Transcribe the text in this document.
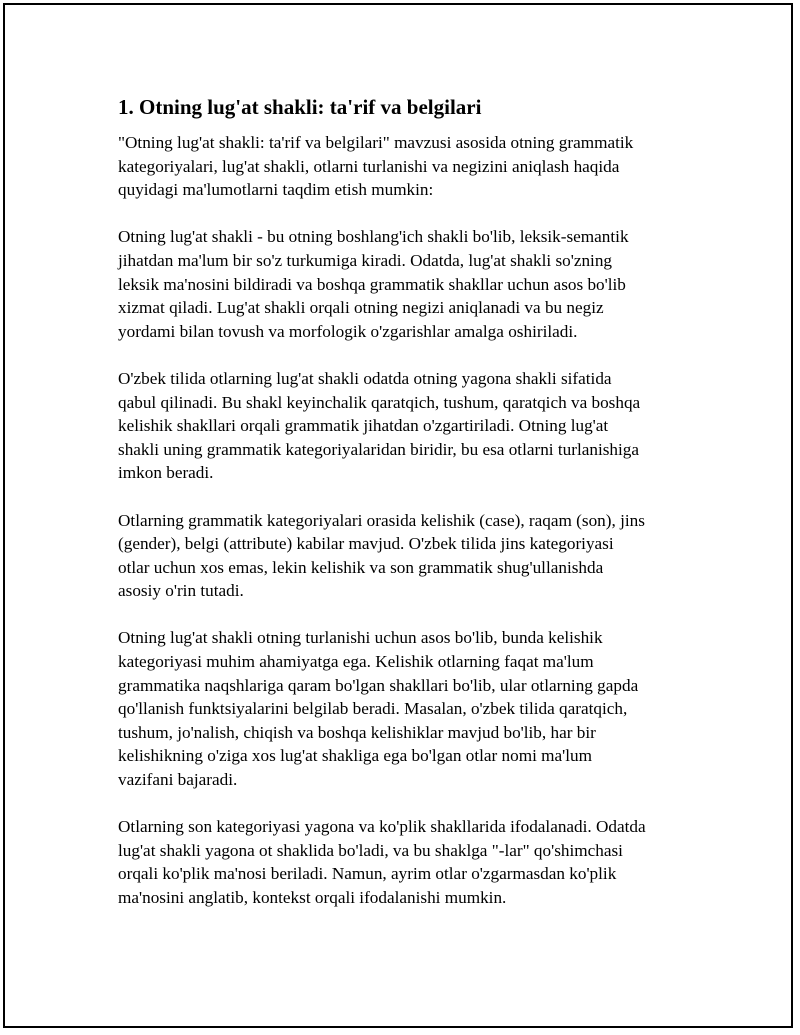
1. Otning lug'at shakli: ta'rif va belgilari
"Otning lug'at shakli: ta'rif va belgilari" mavzusi asosida otning grammatik
kategoriyalari, lug'at shakli, otlarni turlanishi va negizini aniqlash haqida
quyidagi ma'lumotlarni taqdim etish mumkin:
Otning lug'at shakli - bu otning boshlang'ich shakli bo'lib, leksik-semantik
jihatdan ma'lum bir so'z turkumiga kiradi. Odatda, lug'at shakli so'zning
leksik ma'nosini bildiradi va boshqa grammatik shakllar uchun asos bo'lib
xizmat qiladi. Lug'at shakli orqali otning negizi aniqlanadi va bu negiz
yordami bilan tovush va morfologik o'zgarishlar amalga oshiriladi.
O'zbek tilida otlarning lug'at shakli odatda otning yagona shakli sifatida
qabul qilinadi. Bu shakl keyinchalik qaratqich, tushum, qaratqich va boshqa
kelishik shakllari orqali grammatik jihatdan o'zgartiriladi. Otning lug'at
shakli uning grammatik kategoriyalaridan biridir, bu esa otlarni turlanishiga
imkon beradi.
Otlarning grammatik kategoriyalari orasida kelishik (case), raqam (son), jins
(gender), belgi (attribute) kabilar mavjud. O'zbek tilida jins kategoriyasi
otlar uchun xos emas, lekin kelishik va son grammatik shug'ullanishda
asosiy o'rin tutadi.
Otning lug'at shakli otning turlanishi uchun asos bo'lib, bunda kelishik
kategoriyasi muhim ahamiyatga ega. Kelishik otlarning faqat ma'lum
grammatika naqshlariga qaram bo'lgan shakllari bo'lib, ular otlarning gapda
qo'llanish funktsiyalarini belgilab beradi. Masalan, o'zbek tilida qaratqich,
tushum, jo'nalish, chiqish va boshqa kelishiklar mavjud bo'lib, har bir
kelishikning o'ziga xos lug'at shakliga ega bo'lgan otlar nomi ma'lum
vazifani bajaradi.
Otlarning son kategoriyasi yagona va ko'plik shakllarida ifodalanadi. Odatda
lug'at shakli yagona ot shaklida bo'ladi, va bu shaklga "-lar" qo'shimchasi
orqali ko'plik ma'nosi beriladi. Namun, ayrim otlar o'zgarmasdan ko'plik
ma'nosini anglatib, kontekst orqali ifodalanishi mumkin.
